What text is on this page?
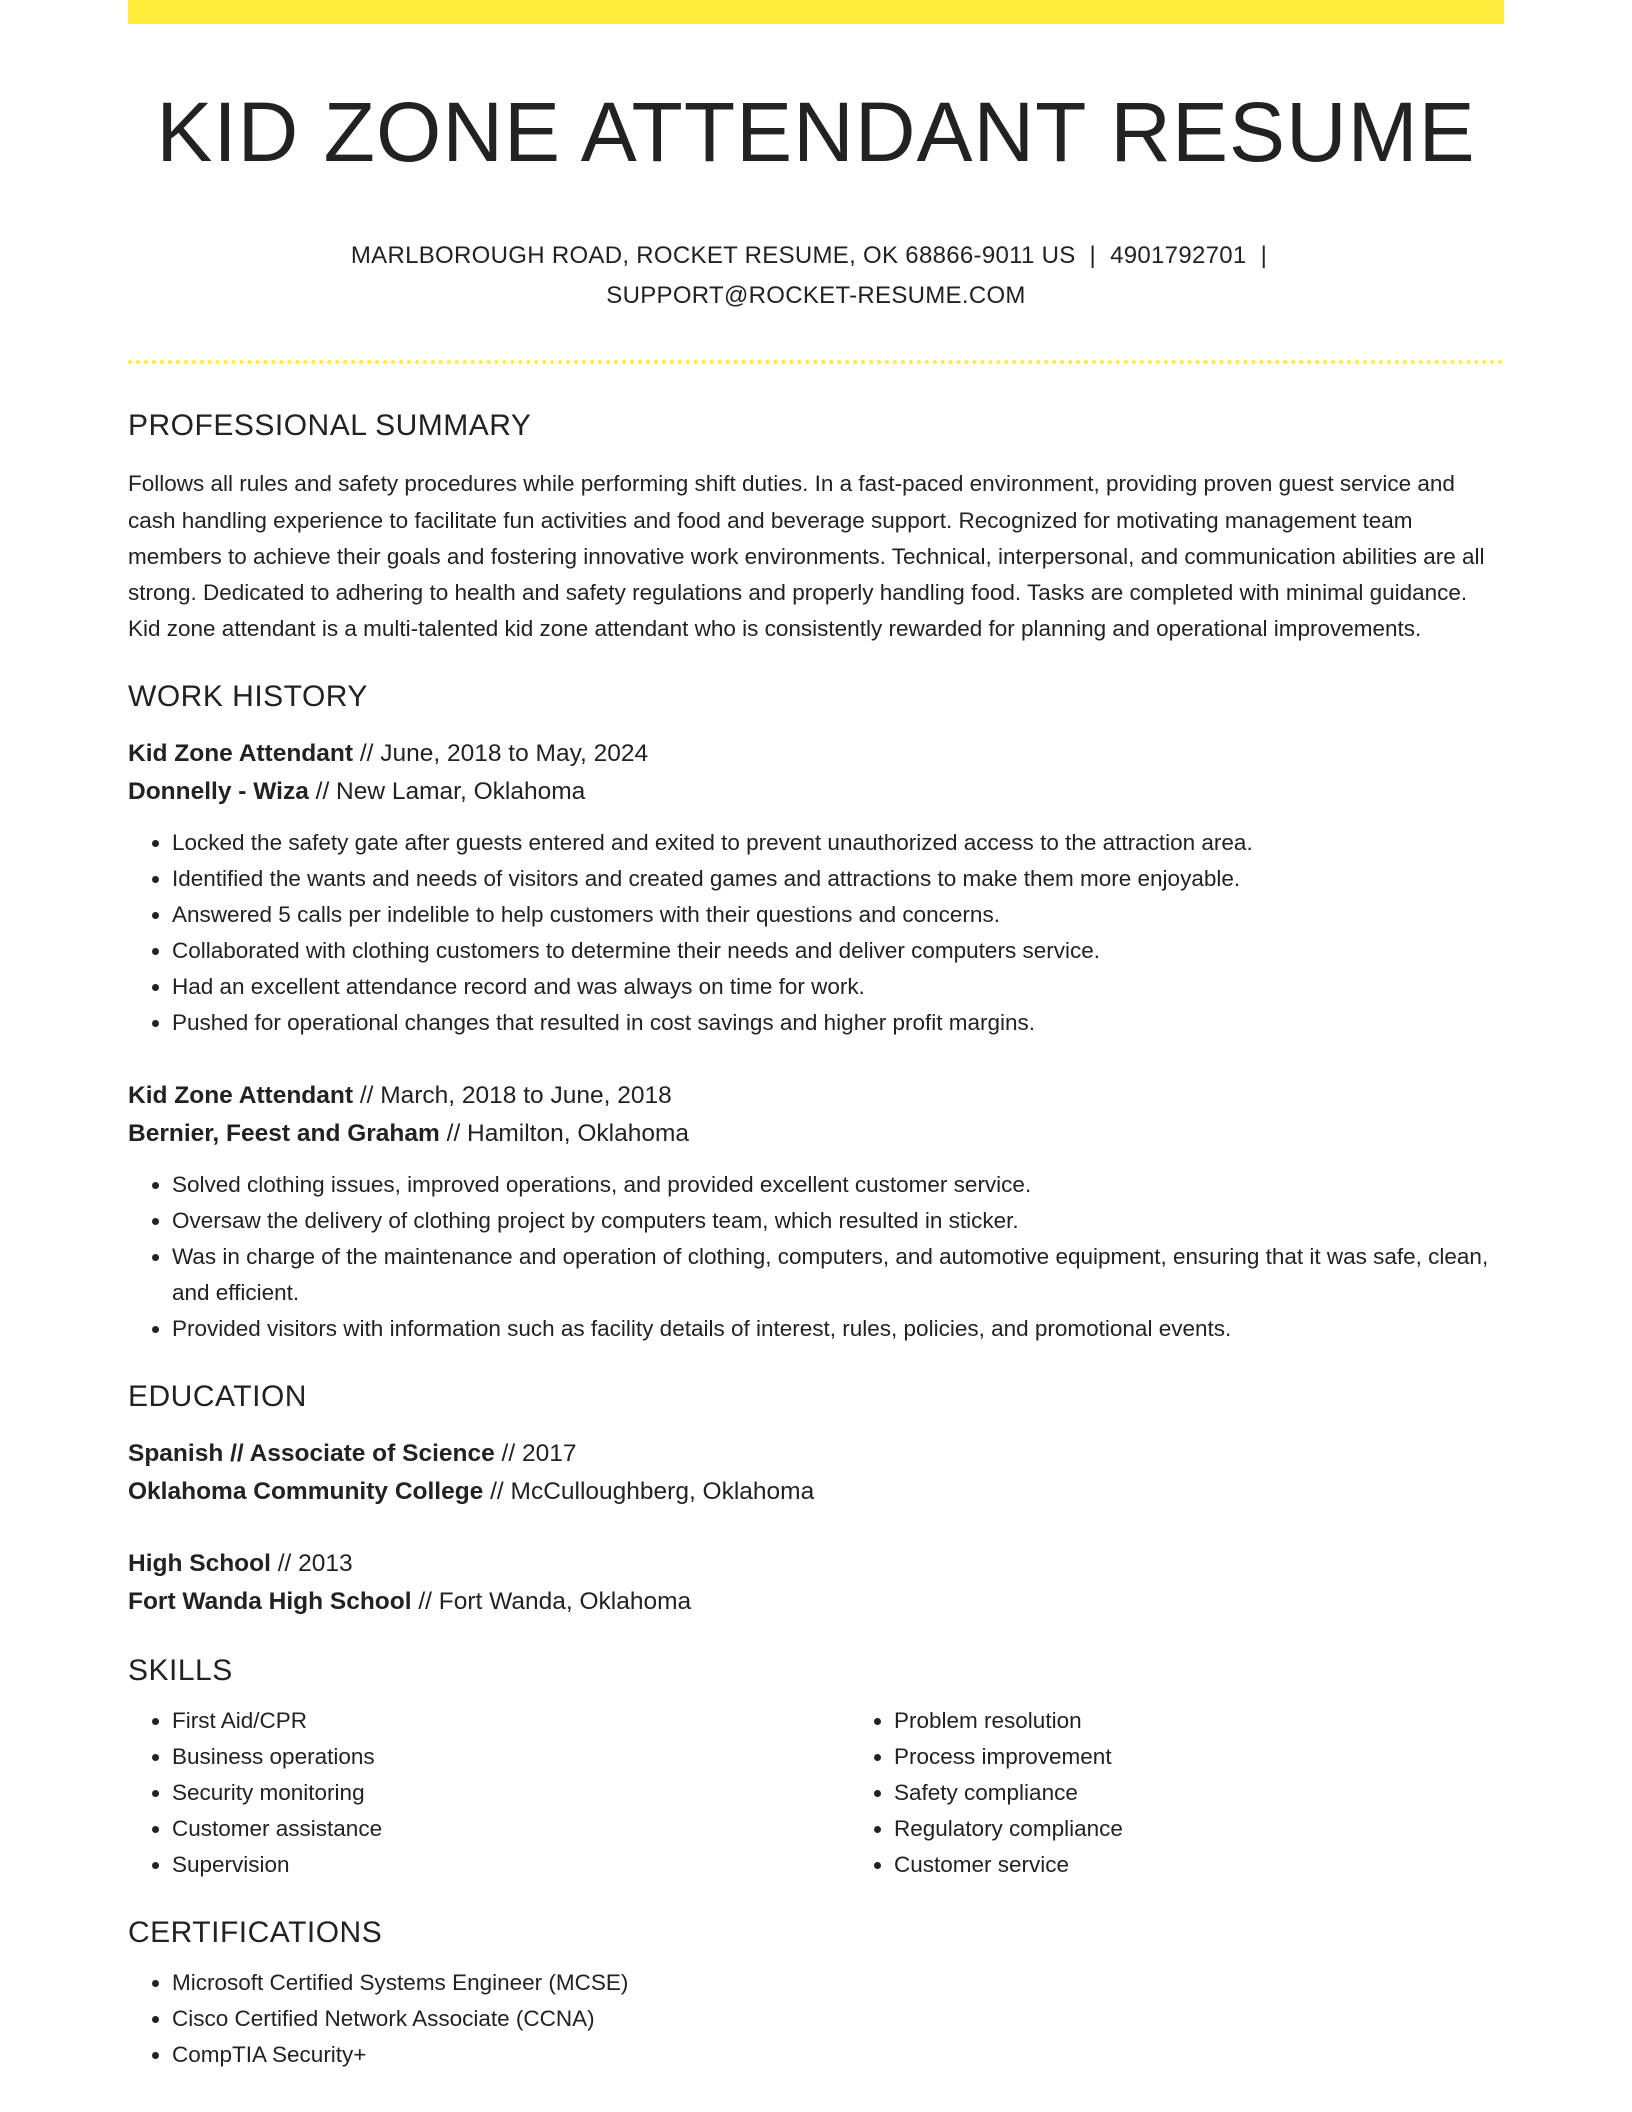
KID ZONE ATTENDANT RESUME
MARLBOROUGH ROAD, ROCKET RESUME, OK 68866-9011 US | 4901792701 |
SUPPORT@ROCKET-RESUME.COM
PROFESSIONAL SUMMARY
Follows all rules and safety procedures while performing shift duties. In a fast-paced environment, providing proven guest service and cash handling experience to facilitate fun activities and food and beverage support. Recognized for motivating management team members to achieve their goals and fostering innovative work environments. Technical, interpersonal, and communication abilities are all strong. Dedicated to adhering to health and safety regulations and properly handling food. Tasks are completed with minimal guidance. Kid zone attendant is a multi-talented kid zone attendant who is consistently rewarded for planning and operational improvements.
WORK HISTORY
Kid Zone Attendant // June, 2018 to May, 2024
Donnelly - Wiza // New Lamar, Oklahoma
• Locked the safety gate after guests entered and exited to prevent unauthorized access to the attraction area.
• Identified the wants and needs of visitors and created games and attractions to make them more enjoyable.
• Answered 5 calls per indelible to help customers with their questions and concerns.
• Collaborated with clothing customers to determine their needs and deliver computers service.
• Had an excellent attendance record and was always on time for work.
• Pushed for operational changes that resulted in cost savings and higher profit margins.
Kid Zone Attendant // March, 2018 to June, 2018
Bernier, Feest and Graham // Hamilton, Oklahoma
• Solved clothing issues, improved operations, and provided excellent customer service.
• Oversaw the delivery of clothing project by computers team, which resulted in sticker.
• Was in charge of the maintenance and operation of clothing, computers, and automotive equipment, ensuring that it was safe, clean, and efficient.
• Provided visitors with information such as facility details of interest, rules, policies, and promotional events.
EDUCATION
Spanish // Associate of Science // 2017
Oklahoma Community College // McCulloughberg, Oklahoma
High School // 2013
Fort Wanda High School // Fort Wanda, Oklahoma
SKILLS
• First Aid/CPR
• Business operations
• Security monitoring
• Customer assistance
• Supervision
• Problem resolution
• Process improvement
• Safety compliance
• Regulatory compliance
• Customer service
CERTIFICATIONS
• Microsoft Certified Systems Engineer (MCSE)
• Cisco Certified Network Associate (CCNA)
• CompTIA Security+
